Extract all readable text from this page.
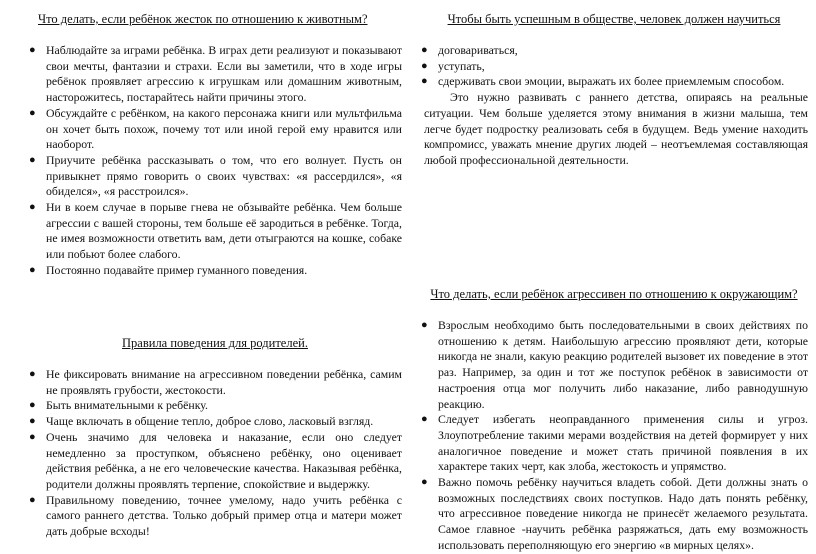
Что делать, если ребёнок жесток по отношению к животным?

● Наблюдайте за играми ребёнка. В играх дети реализуют и показывают свои мечты, фантазии и страхи. Если вы заметили, что в ходе игры ребёнок проявляет агрессию к игрушкам или домашним животным, насторожитесь, постарайтесь найти причины этого.
● Обсуждайте с ребёнком, на какого персонажа книги или мультфильма он хочет быть похож, почему тот или иной герой ему нравится или наоборот.
● Приучите ребёнка рассказывать о том, что его волнует. Пусть он привыкнет прямо говорить о своих чувствах: «я рассердился», «я обиделся», «я расстроился».
● Ни в коем случае в порыве гнева не обзывайте ребёнка. Чем больше агрессии с вашей стороны, тем больше её зародиться в ребёнке. Тогда, не имея возможности ответить вам, дети отыграются на кошке, собаке или побьют более слабого.
● Постоянно подавайте пример гуманного поведения.

Правила поведения для родителей.

● Не фиксировать внимание на агрессивном поведении ребёнка, самим не проявлять грубости, жестокости.
● Быть внимательными к ребёнку.
● Чаще включать в общение тепло, доброе слово, ласковый взгляд.
● Очень значимо для человека и наказание, если оно следует немедленно за проступком, объяснено ребёнку, оно оценивает действия ребёнка, а не его человеческие качества. Наказывая ребёнка, родители должны проявлять терпение, спокойствие и выдержку.
● Правильному поведению, точнее умелому, надо учить ребёнка с самого раннего детства. Только добрый пример отца и матери может дать добрые всходы!

Чтобы быть успешным в обществе, человек должен научиться

● договариваться,
● уступать,
● сдерживать свои эмоции, выражать их более приемлемым способом.

Это нужно развивать с раннего детства, опираясь на реальные ситуации. Чем больше уделяется этому внимания в жизни малыша, тем легче будет подростку реализовать себя в будущем. Ведь умение находить компромисс, уважать мнение других людей – неотъемлемая составляющая любой профессиональной деятельности.

Что делать, если ребёнок агрессивен по отношению к окружающим?

● Взрослым необходимо быть последовательными в своих действиях по отношению к детям. Наибольшую агрессию проявляют дети, которые никогда не знали, какую реакцию родителей вызовет их поведение в этот раз. Например, за один и тот же поступок ребёнок в зависимости от настроения отца мог получить либо наказание, либо равнодушную реакцию.
● Следует избегать неоправданного применения силы и угроз. Злоупотребление такими мерами воздействия на детей формирует у них аналогичное поведение и может стать причиной появления в их характере таких черт, как злоба, жестокость и упрямство.
● Важно помочь ребёнку научиться владеть собой. Дети должны знать о возможных последствиях своих поступков. Надо дать понять ребёнку, что агрессивное поведение никогда не принесёт желаемого результата. Самое главное -научить ребёнка разряжаться, дать ему возможность использовать переполняющую его энергию «в мирных целях».
